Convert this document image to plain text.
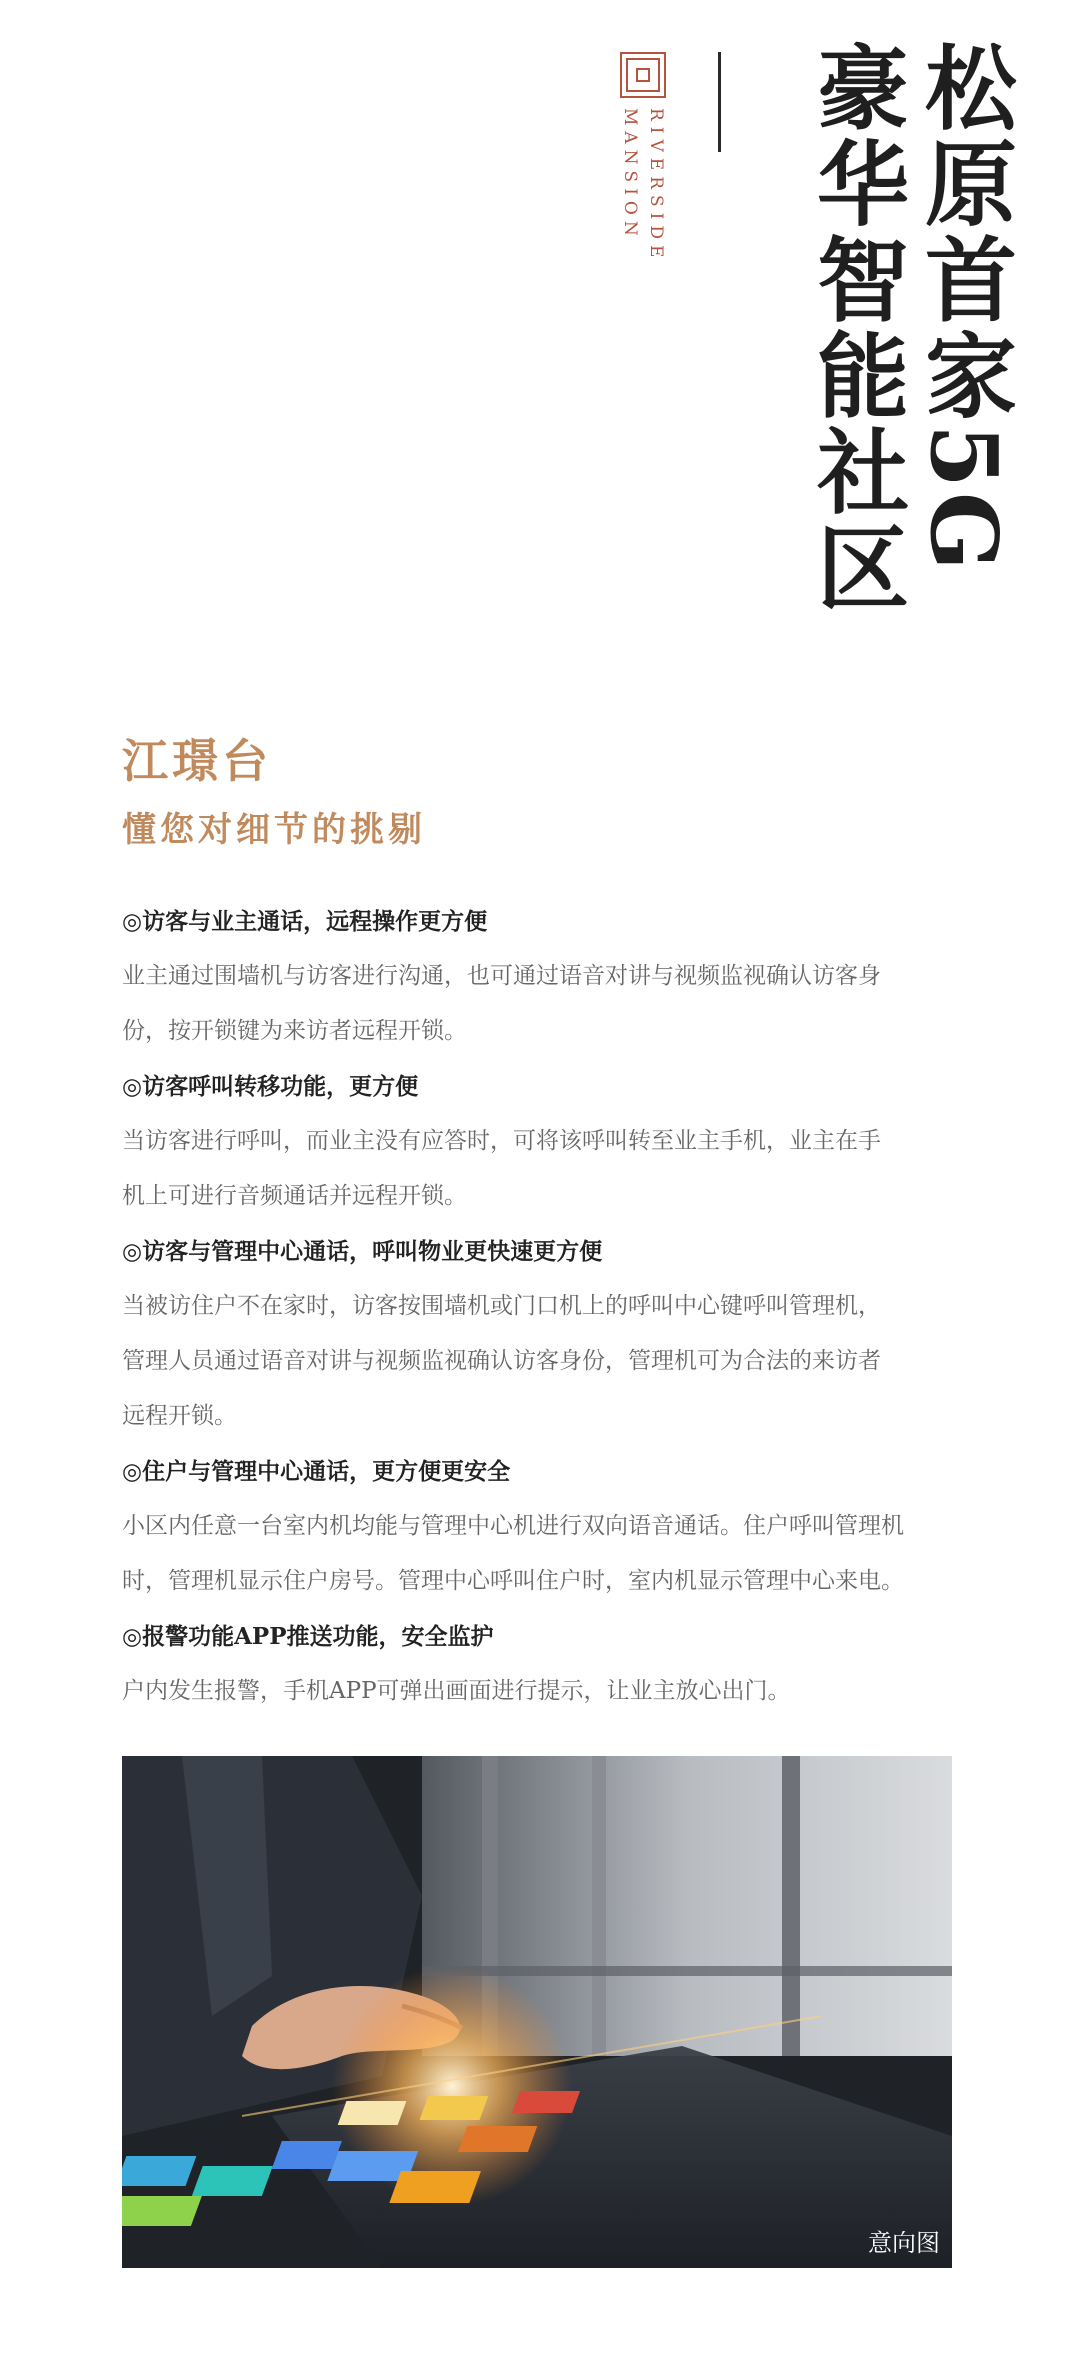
松原首家5G
豪华智能社区
RIVERSIDE
MANSION
江璟台
懂您对细节的挑剔

◎访客与业主通话，远程操作更方便

业主通过围墙机与访客进行沟通，也可通过语音对讲与视频监视确认访客身

份，按开锁键为来访者远程开锁。

◎访客呼叫转移功能，更方便

当访客进行呼叫，而业主没有应答时，可将该呼叫转至业主手机，业主在手

机上可进行音频通话并远程开锁。

◎访客与管理中心通话，呼叫物业更快速更方便

当被访住户不在家时，访客按围墙机或门口机上的呼叫中心键呼叫管理机，

管理人员通过语音对讲与视频监视确认访客身份，管理机可为合法的来访者

远程开锁。

◎住户与管理中心通话，更方便更安全

小区内任意一台室内机均能与管理中心机进行双向语音通话。住户呼叫管理机

时，管理机显示住户房号。管理中心呼叫住户时，室内机显示管理中心来电。

◎报警功能APP推送功能，安全监护

户内发生报警，手机APP可弹出画面进行提示，让业主放心出门。

意向图
